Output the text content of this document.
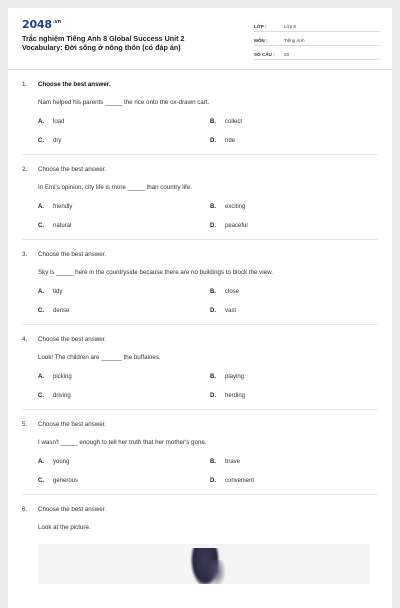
$2048^{.vn}$
Trắc nghiệm Tiếng Anh 8 Global Success Unit 2
Vocabulary: Đời sống ở nông thôn (có đáp án)
LỚP :	Lớp 8
MÔN :	Tiếng Anh
SỐ CÂU :	20
1. Choose the best answer.
Nam helped his parents _____ the rice onto the ox-drawn cart.
A.	load	B.	collect
C.	dry	D.	ride
2. Choose the best answer.
In Emi's opinion, city life is more _____ than country life.
A.	friendly	B.	exciting
C.	natural	D.	peaceful
3. Choose the best answer.
Sky is _____ here in the countryside because there are no buildings to block the view.
A.	tidy	B.	close
C.	dense	D.	vast
4. Choose the best answer.
Look! The children are ______ the buffaloes.
A.	picking	B.	playing
C.	driving	D.	herding
5. Choose the best answer.
I wasn't _____ enough to tell her truth that her mother's gone.
A.	young	B.	brave
C.	generous	D.	convenient
6. Choose the best answer.
Look at the picture.
